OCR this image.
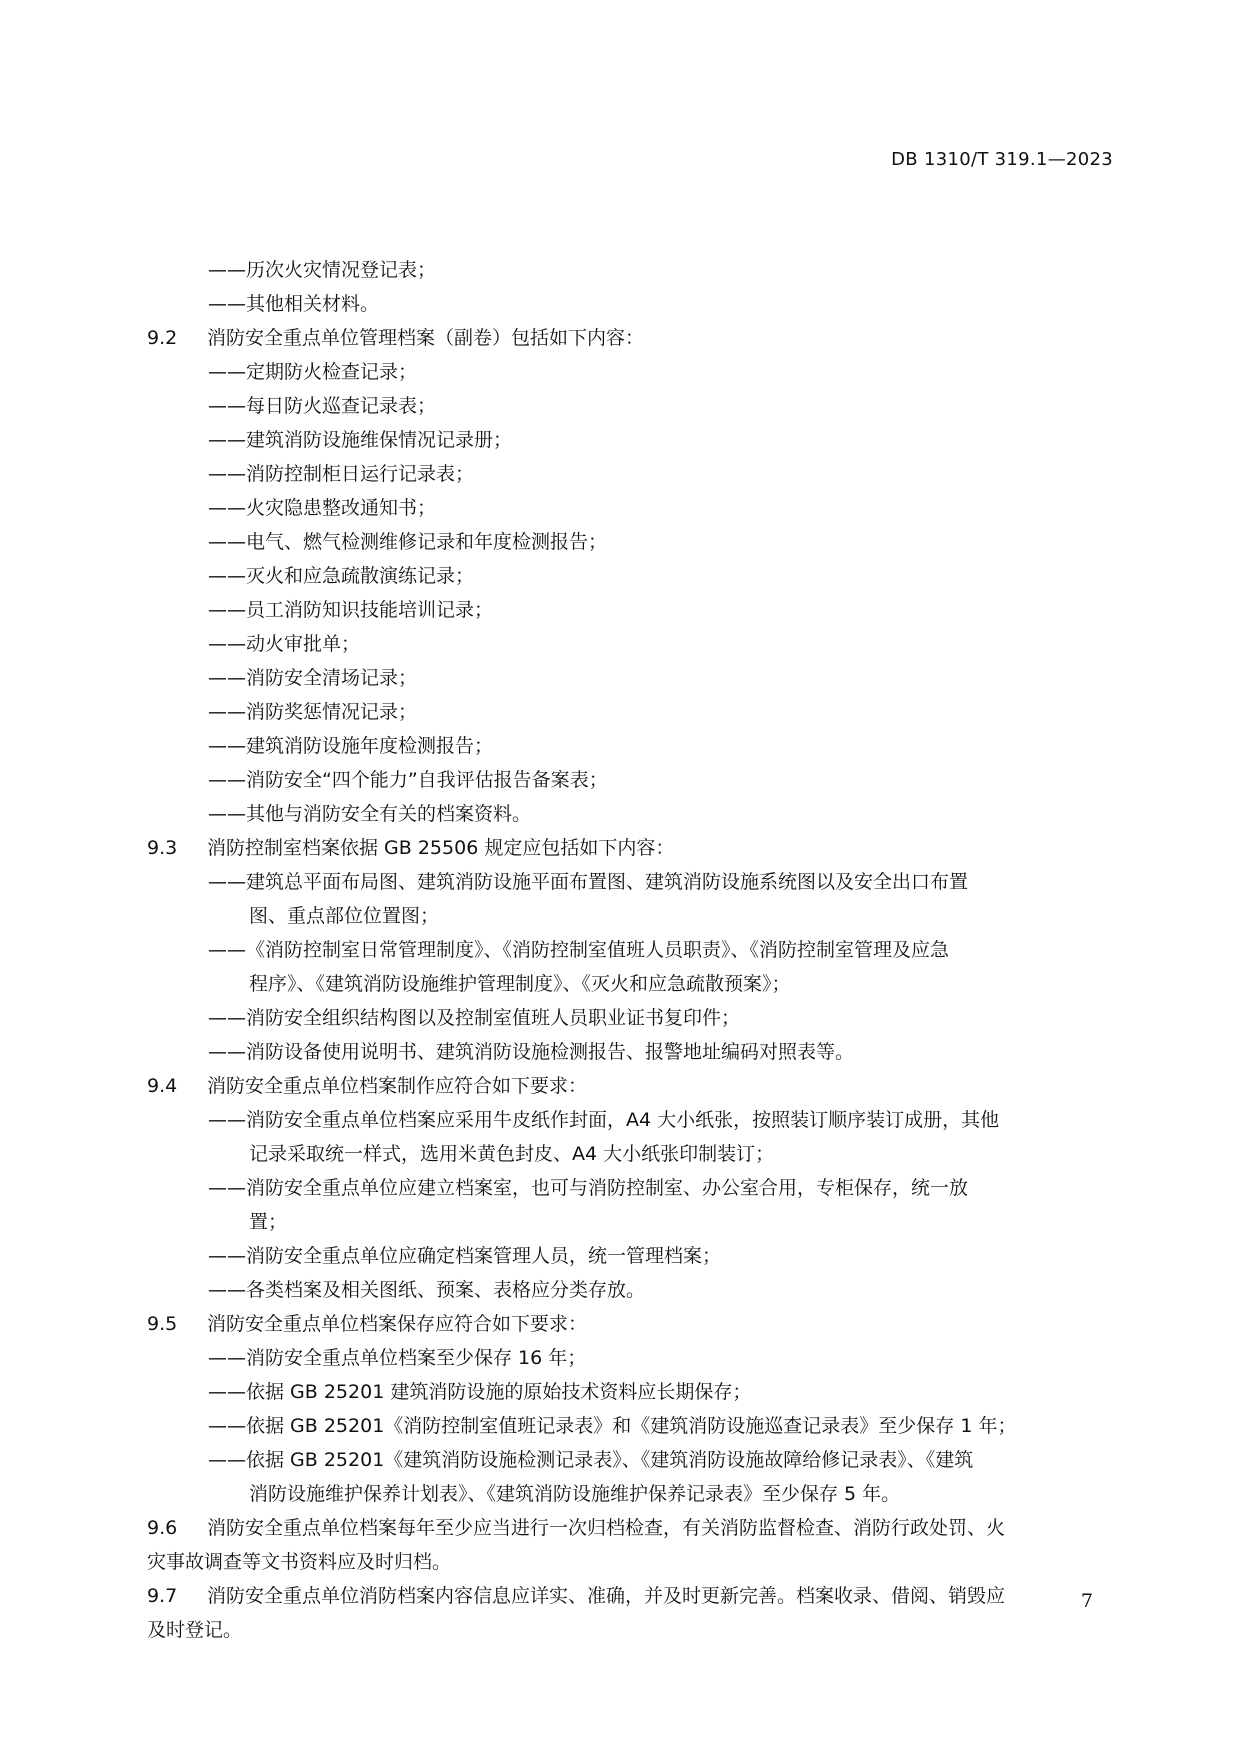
DB 1310/T 319.1—2023
——历次火灾情况登记表；
——其他相关材料。
9.2 消防安全重点单位管理档案（副卷）包括如下内容：
——定期防火检查记录；
——每日防火巡查记录表；
——建筑消防设施维保情况记录册；
——消防控制柜日运行记录表；
——火灾隐患整改通知书；
——电气、燃气检测维修记录和年度检测报告；
——灭火和应急疏散演练记录；
——员工消防知识技能培训记录；
——动火审批单；
——消防安全清场记录；
——消防奖惩情况记录；
——建筑消防设施年度检测报告；
——消防安全“四个能力”自我评估报告备案表；
——其他与消防安全有关的档案资料。
9.3 消防控制室档案依据 GB 25506 规定应包括如下内容：
——建筑总平面布局图、建筑消防设施平面布置图、建筑消防设施系统图以及安全出口布置
图、重点部位位置图；
——《消防控制室日常管理制度》、《消防控制室值班人员职责》、《消防控制室管理及应急
程序》、《建筑消防设施维护管理制度》、《灭火和应急疏散预案》；
——消防安全组织结构图以及控制室值班人员职业证书复印件；
——消防设备使用说明书、建筑消防设施检测报告、报警地址编码对照表等。
9.4 消防安全重点单位档案制作应符合如下要求：
——消防安全重点单位档案应采用牛皮纸作封面，A4 大小纸张，按照装订顺序装订成册，其他
记录采取统一样式，选用米黄色封皮、A4 大小纸张印制装订；
——消防安全重点单位应建立档案室，也可与消防控制室、办公室合用，专柜保存，统一放
置；
——消防安全重点单位应确定档案管理人员，统一管理档案；
——各类档案及相关图纸、预案、表格应分类存放。
9.5 消防安全重点单位档案保存应符合如下要求：
——消防安全重点单位档案至少保存 16 年；
——依据 GB 25201 建筑消防设施的原始技术资料应长期保存；
——依据 GB 25201《消防控制室值班记录表》和《建筑消防设施巡查记录表》至少保存 1 年；
——依据 GB 25201《建筑消防设施检测记录表》、《建筑消防设施故障给修记录表》、《建筑
消防设施维护保养计划表》、《建筑消防设施维护保养记录表》至少保存 5 年。
9.6 消防安全重点单位档案每年至少应当进行一次归档检查，有关消防监督检查、消防行政处罚、火
灾事故调查等文书资料应及时归档。
9.7 消防安全重点单位消防档案内容信息应详实、准确，并及时更新完善。档案收录、借阅、销毁应
及时登记。
7
